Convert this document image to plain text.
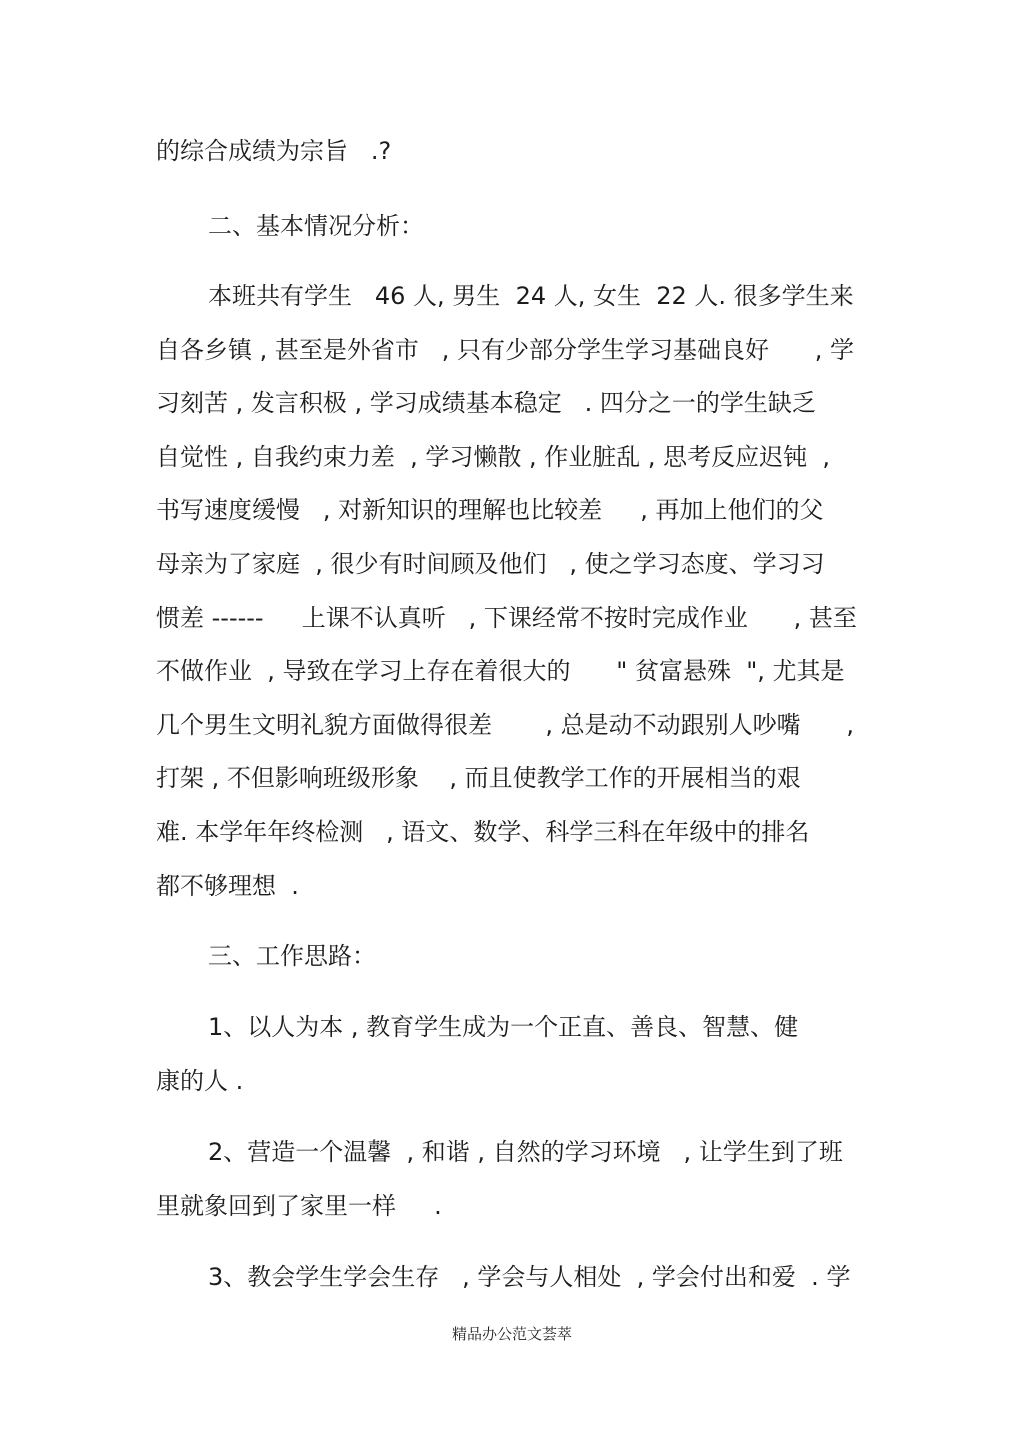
的综合成绩为宗旨   .?
二、基本情况分析：
本班共有学生   46 人, 男生  24 人, 女生  22 人. 很多学生来
自各乡镇 , 甚至是外省市   , 只有少部分学生学习基础良好      , 学
习刻苦 , 发言积极 , 学习成绩基本稳定   . 四分之一的学生缺乏
自觉性 , 自我约束力差  , 学习懒散 , 作业脏乱 , 思考反应迟钝  ,
书写速度缓慢   , 对新知识的理解也比较差     , 再加上他们的父
母亲为了家庭  , 很少有时间顾及他们   , 使之学习态度、学习习
惯差 ------     上课不认真听   , 下课经常不按时完成作业      , 甚至
不做作业  , 导致在学习上存在着很大的      " 贫富悬殊  ", 尤其是
几个男生文明礼貌方面做得很差       , 总是动不动跟别人吵嘴      ,
打架 , 不但影响班级形象    , 而且使教学工作的开展相当的艰
难. 本学年年终检测   , 语文、数学、科学三科在年级中的排名
都不够理想  .
三、工作思路：
1、以人为本 , 教育学生成为一个正直、善良、智慧、健
康的人 .
2、营造一个温馨  , 和谐 , 自然的学习环境   , 让学生到了班
里就象回到了家里一样     .
3、教会学生学会生存   , 学会与人相处  , 学会付出和爱  . 学
精品办公范文荟萃
